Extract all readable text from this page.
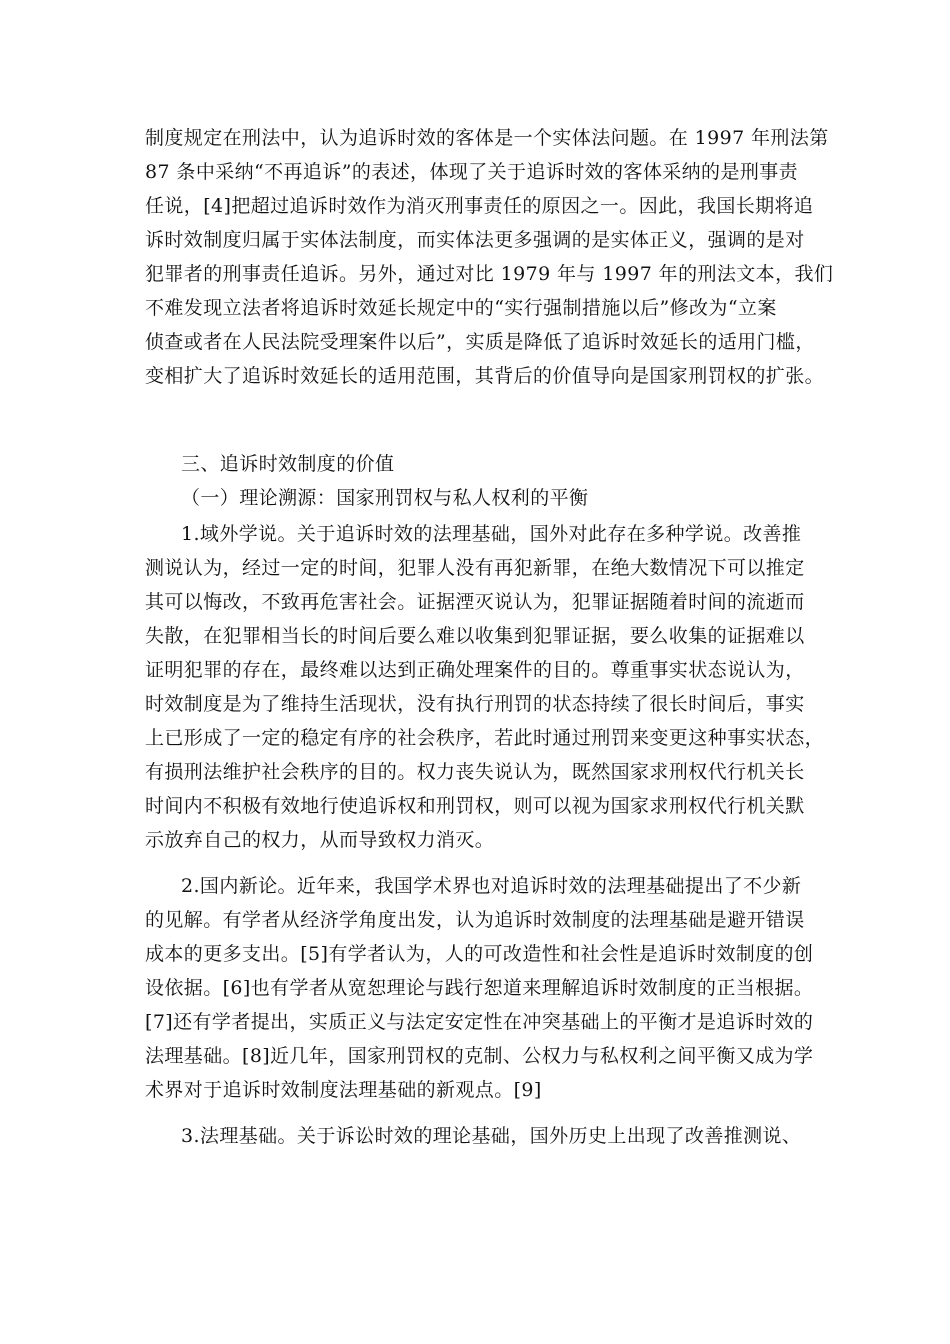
制度规定在刑法中，认为追诉时效的客体是一个实体法问题。在 1997 年刑法第
87 条中采纳“不再追诉”的表述，体现了关于追诉时效的客体采纳的是刑事责
任说，[4]把超过追诉时效作为消灭刑事责任的原因之一。因此，我国长期将追
诉时效制度归属于实体法制度，而实体法更多强调的是实体正义，强调的是对
犯罪者的刑事责任追诉。另外，通过对比 1979 年与 1997 年的刑法文本，我们
不难发现立法者将追诉时效延长规定中的“实行强制措施以后”修改为“立案
侦查或者在人民法院受理案件以后”，实质是降低了追诉时效延长的适用门槛，
变相扩大了追诉时效延长的适用范围，其背后的价值导向是国家刑罚权的扩张。
三、追诉时效制度的价值
（一）理论溯源：国家刑罚权与私人权利的平衡
1.域外学说。关于追诉时效的法理基础，国外对此存在多种学说。改善推
测说认为，经过一定的时间，犯罪人没有再犯新罪，在绝大数情况下可以推定
其可以悔改，不致再危害社会。证据湮灭说认为，犯罪证据随着时间的流逝而
失散，在犯罪相当长的时间后要么难以收集到犯罪证据，要么收集的证据难以
证明犯罪的存在，最终难以达到正确处理案件的目的。尊重事实状态说认为，
时效制度是为了维持生活现状，没有执行刑罚的状态持续了很长时间后，事实
上已形成了一定的稳定有序的社会秩序，若此时通过刑罚来变更这种事实状态，
有损刑法维护社会秩序的目的。权力丧失说认为，既然国家求刑权代行机关长
时间内不积极有效地行使追诉权和刑罚权，则可以视为国家求刑权代行机关默
示放弃自己的权力，从而导致权力消灭。
2.国内新论。近年来，我国学术界也对追诉时效的法理基础提出了不少新
的见解。有学者从经济学角度出发，认为追诉时效制度的法理基础是避开错误
成本的更多支出。[5]有学者认为，人的可改造性和社会性是追诉时效制度的创
设依据。[6]也有学者从宽恕理论与践行恕道来理解追诉时效制度的正当根据。
[7]还有学者提出，实质正义与法定安定性在冲突基础上的平衡才是追诉时效的
法理基础。[8]近几年，国家刑罚权的克制、公权力与私权利之间平衡又成为学
术界对于追诉时效制度法理基础的新观点。[9]
3.法理基础。关于诉讼时效的理论基础，国外历史上出现了改善推测说、
